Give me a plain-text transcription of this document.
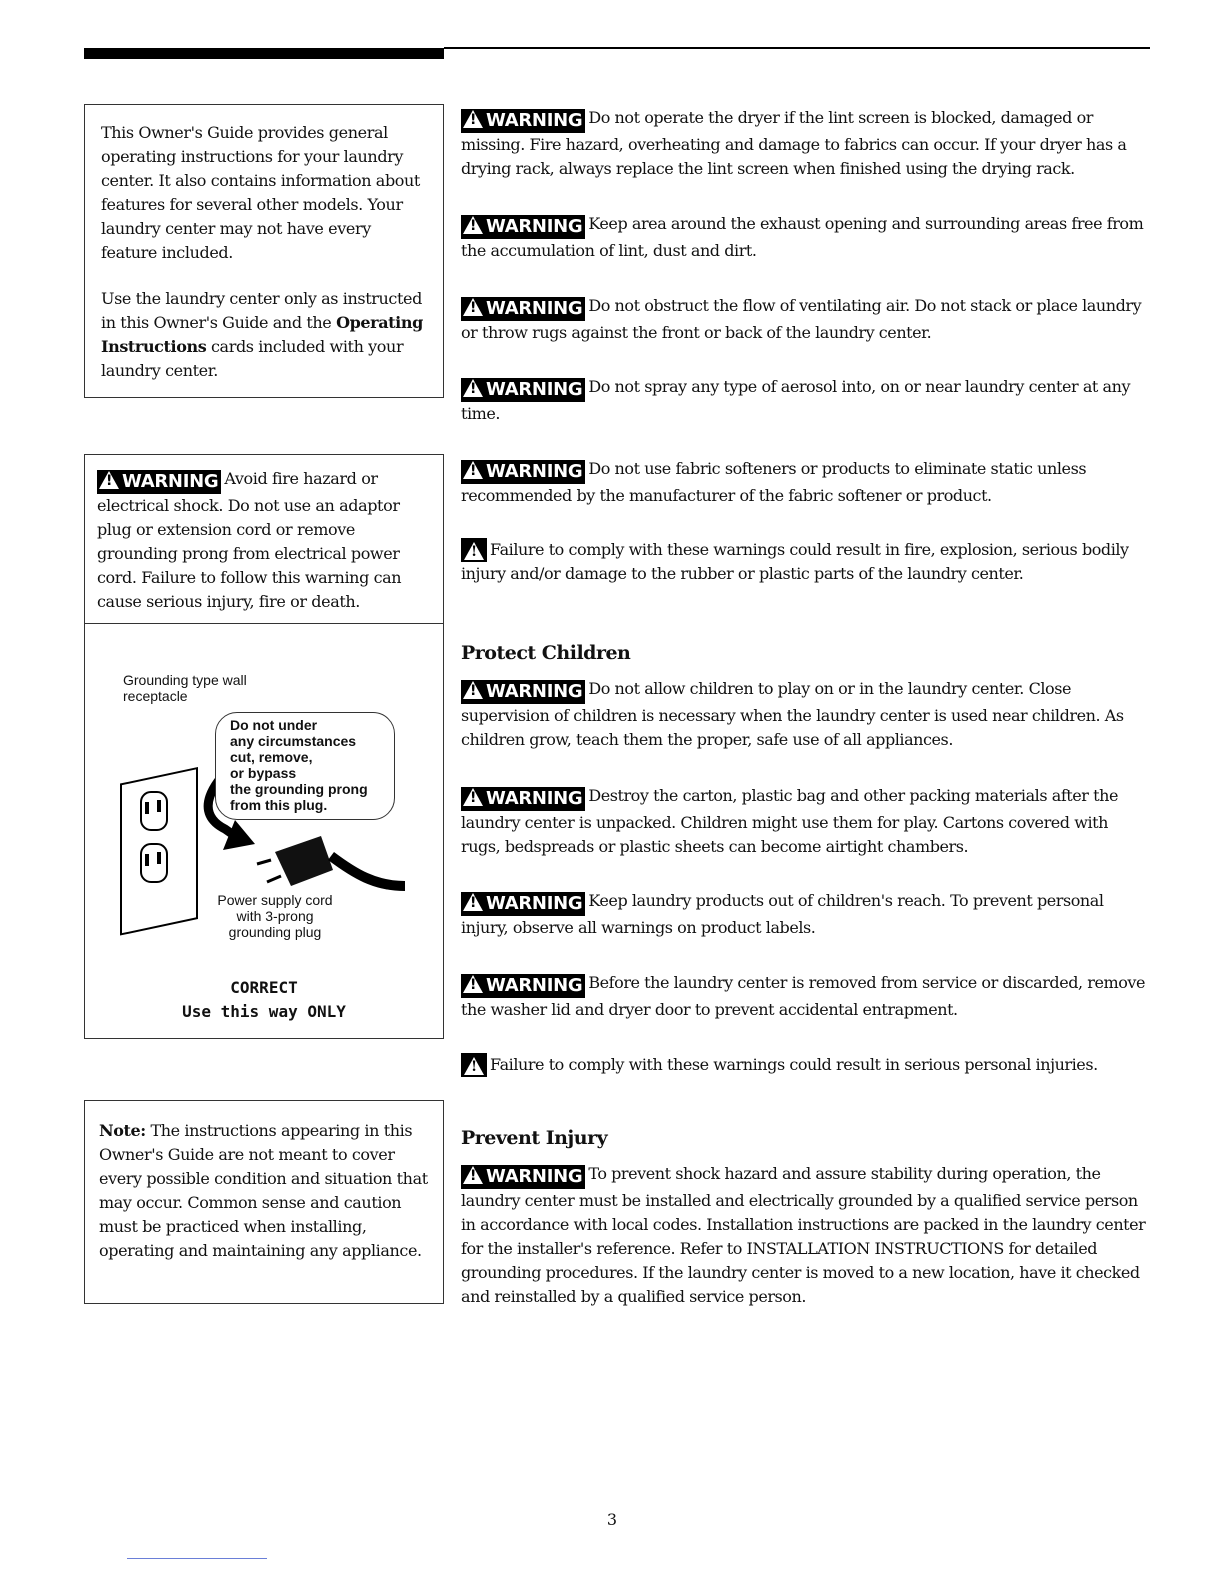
This Owner's Guide provides general operating instructions for your laundry center. It also contains information about features for several other models. Your laundry center may not have every feature included.

Use the laundry center only as instructed in this Owner's Guide and the Operating Instructions cards included with your laundry center.

!WARNING Avoid fire hazard or electrical shock. Do not use an adaptor plug or extension cord or remove grounding prong from electrical power cord. Failure to follow this warning can cause serious injury, fire or death.

Grounding type wall receptacle
Do not under
any circumstances
cut, remove,
or bypass
the grounding prong
from this plug.
Power supply cord with 3-prong grounding plug
CORRECT
Use this way ONLY

Note: The instructions appearing in this Owner's Guide are not meant to cover every possible condition and situation that may occur. Common sense and caution must be practiced when installing, operating and maintaining any appliance.

!WARNING Do not operate the dryer if the lint screen is blocked, damaged or missing. Fire hazard, overheating and damage to fabrics can occur. If your dryer has a drying rack, always replace the lint screen when finished using the drying rack.

!WARNING Keep area around the exhaust opening and surrounding areas free from the accumulation of lint, dust and dirt.

!WARNING Do not obstruct the flow of ventilating air. Do not stack or place laundry or throw rugs against the front or back of the laundry center.

!WARNING Do not spray any type of aerosol into, on or near laundry center at any time.

!WARNING Do not use fabric softeners or products to eliminate static unless recommended by the manufacturer of the fabric softener or product.

!Failure to comply with these warnings could result in fire, explosion, serious bodily injury and/or damage to the rubber or plastic parts of the laundry center.

Protect Children

!WARNING Do not allow children to play on or in the laundry center. Close supervision of children is necessary when the laundry center is used near children. As children grow, teach them the proper, safe use of all appliances.

!WARNING Destroy the carton, plastic bag and other packing materials after the laundry center is unpacked. Children might use them for play. Cartons covered with rugs, bedspreads or plastic sheets can become airtight chambers.

!WARNING Keep laundry products out of children's reach. To prevent personal injury, observe all warnings on product labels.

!WARNING Before the laundry center is removed from service or discarded, remove the washer lid and dryer door to prevent accidental entrapment.

!Failure to comply with these warnings could result in serious personal injuries.

Prevent Injury

!WARNING To prevent shock hazard and assure stability during operation, the laundry center must be installed and electrically grounded by a qualified service person in accordance with local codes. Installation instructions are packed in the laundry center for the installer's reference. Refer to INSTALLATION INSTRUCTIONS for detailed grounding procedures. If the laundry center is moved to a new location, have it checked and reinstalled by a qualified service person.

3
